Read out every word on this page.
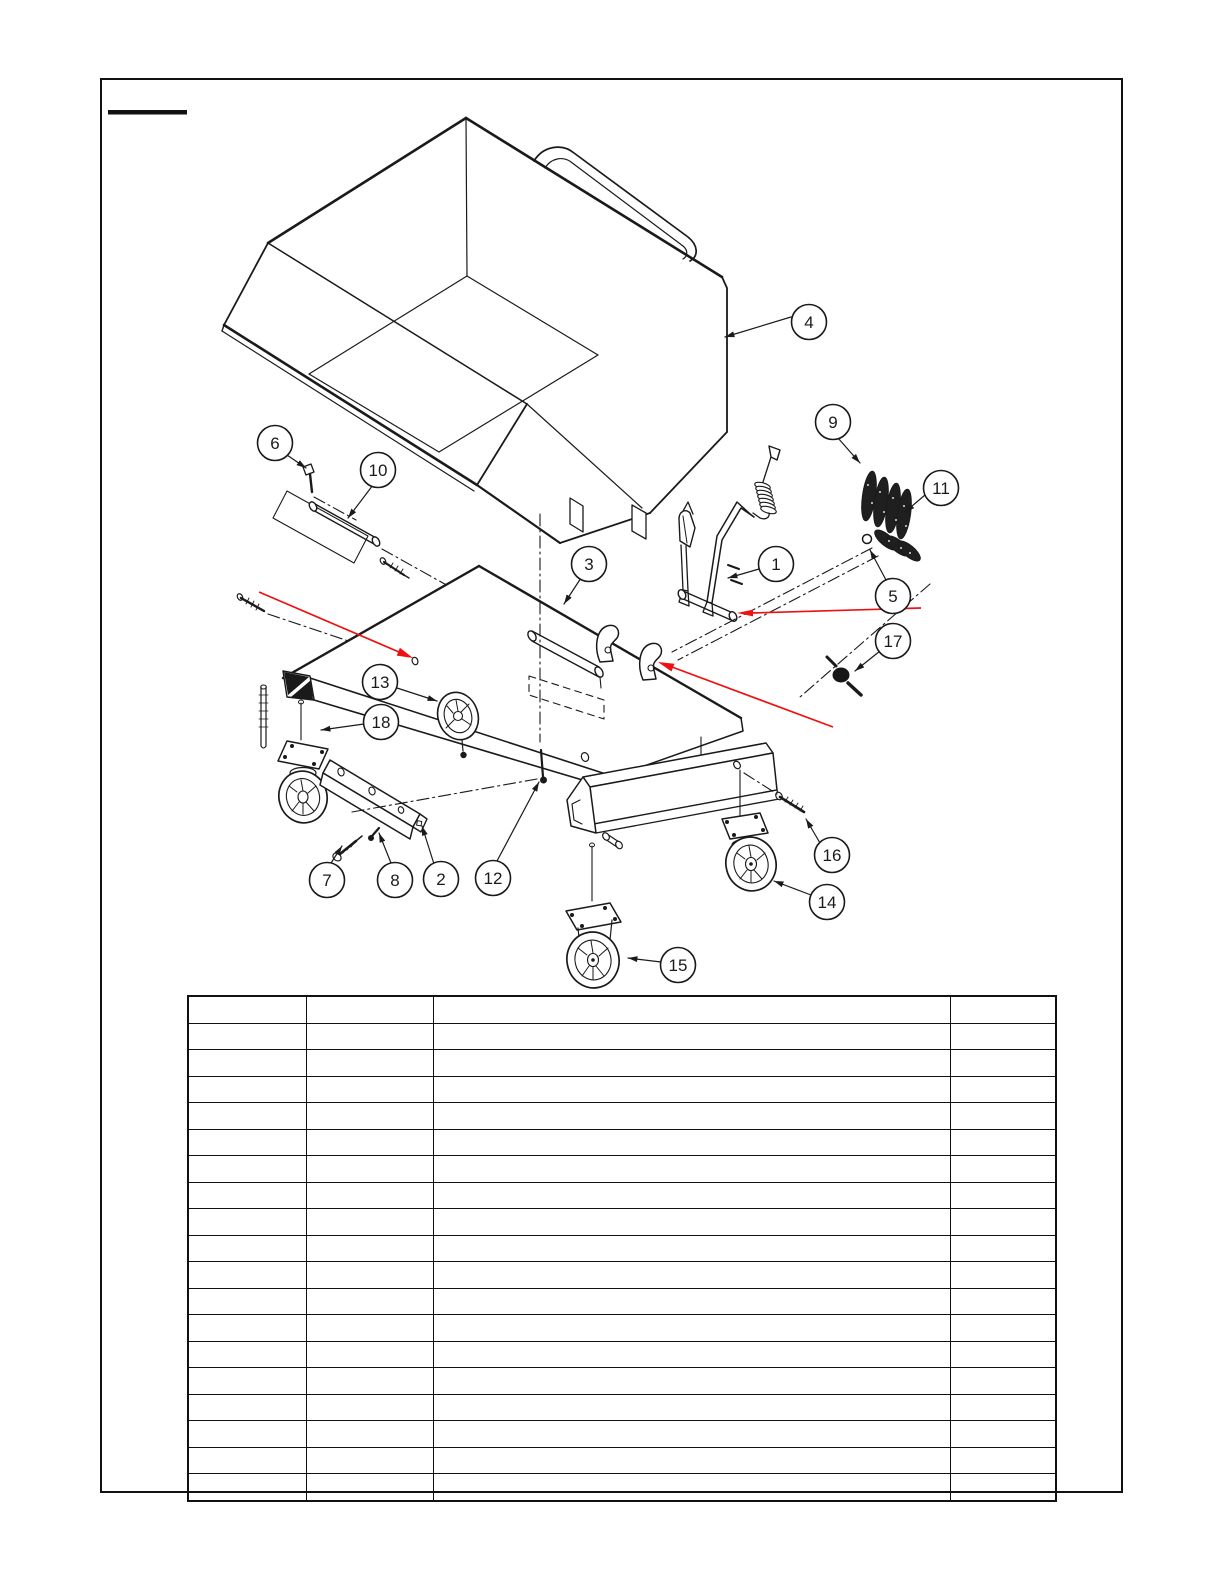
1
2
3
4
5
6
7	8
9
10
11
12
13
14
15
16
17
18
